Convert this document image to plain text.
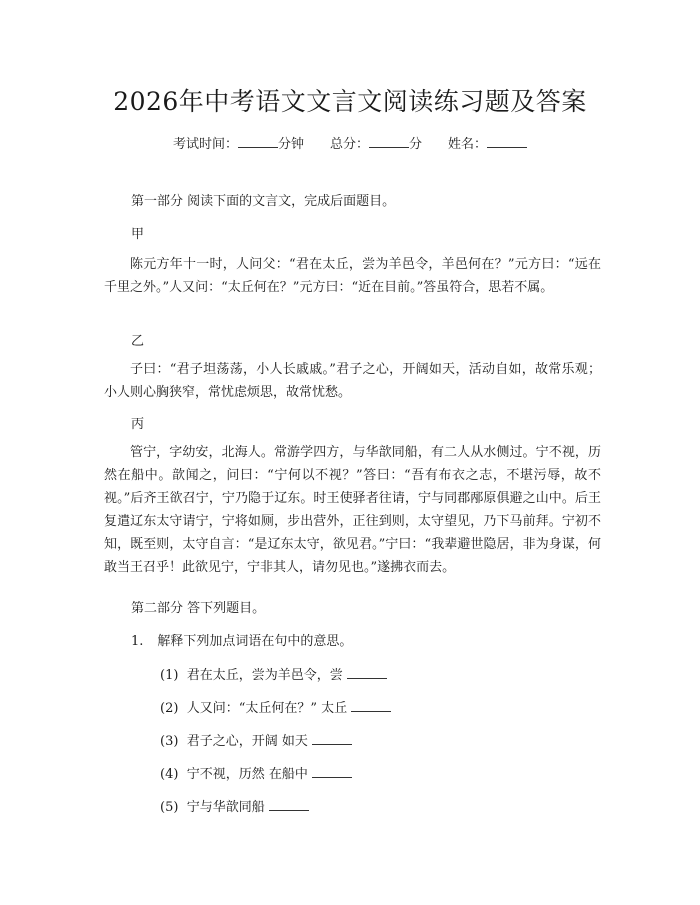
2026年中考语文文言文阅读练习题及答案
考试时间：	分钟 总分：	分 姓名：
第一部分 阅读下面的文言文，完成后面题目。
甲
陈元方年十一时，人问父：“君在太丘，尝为羊邑令，羊邑何在？”元方曰：“远在千里之外。”人又问：“太丘何在？”元方曰：“近在目前。”答虽符合，思若不属。
乙
子曰：“君子坦荡荡，小人长戚戚。”君子之心，开阔如天，活动自如，故常乐观；小人则心胸狭窄，常忧虑烦思，故常忧愁。
丙
管宁，字幼安，北海人。常游学四方，与华歆同船，有二人从水侧过。宁不视，历然在船中。歆闻之，问曰：“宁何以不视？”答曰：“吾有布衣之志，不堪污辱，故不视。”后齐王欲召宁，宁乃隐于辽东。时王使驿者往请，宁与同郡邴原俱避之山中。后王复遣辽东太守请宁，宁将如厕，步出营外，正往到则，太守望见，乃下马前拜。宁初不知，既至则，太守自言：“是辽东太守，欲见君。”宁曰：“我辈避世隐居，非为身谋，何敢当王召乎！此欲见宁，宁非其人，请勿见也。”遂拂衣而去。
第二部分 答下列题目。
1. 解释下列加点词语在句中的意思。
(1) 君在太丘，尝为羊邑令，尝
(2) 人又问：“太丘何在？” 太丘
(3) 君子之心，开阔 如天
(4) 宁不视，历然 在船中
(5) 宁与华歆同船
